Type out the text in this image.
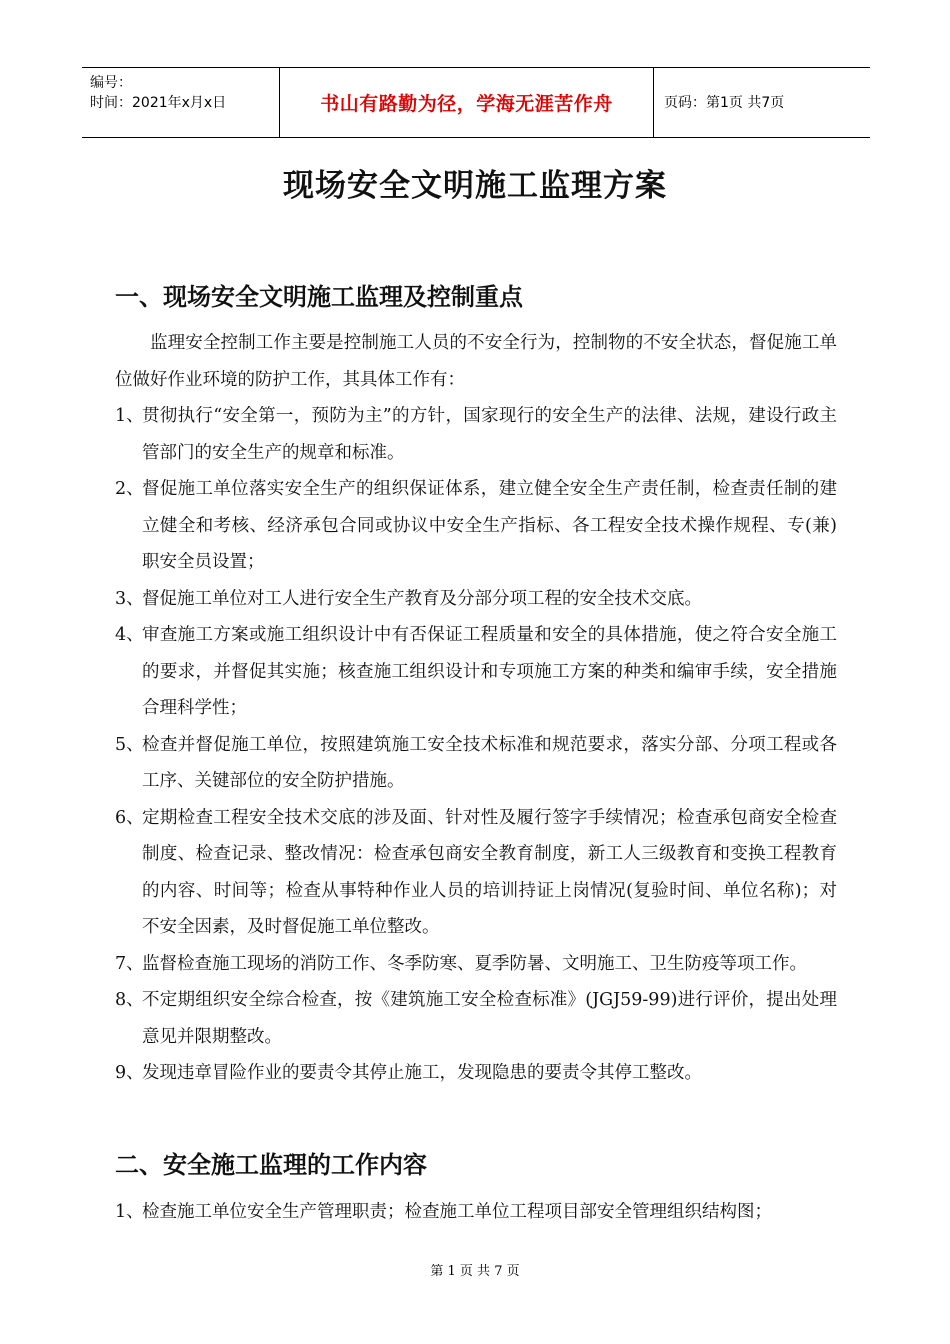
编号：
时间：2021年x月x日	书山有路勤为径，学海无涯苦作舟	页码：第1页 共7页
现场安全文明施工监理方案
一、现场安全文明施工监理及控制重点

监理安全控制工作主要是控制施工人员的不安全行为，控制物的不安全状态，督促施工单位做好作业环境的防护工作，其具体工作有：

1、
贯彻执行“安全第一，预防为主”的方针，国家现行的安全生产的法律、法规，建设行政主管部门的安全生产的规章和标准。
2、
督促施工单位落实安全生产的组织保证体系，建立健全安全生产责任制，检查责任制的建立健全和考核、经济承包合同或协议中安全生产指标、各工程安全技术操作规程、专(兼)职安全员设置；
3、
督促施工单位对工人进行安全生产教育及分部分项工程的安全技术交底。
4、
审查施工方案或施工组织设计中有否保证工程质量和安全的具体措施，使之符合安全施工的要求，并督促其实施；核查施工组织设计和专项施工方案的种类和编审手续，安全措施合理科学性；
5、
检查并督促施工单位，按照建筑施工安全技术标准和规范要求，落实分部、分项工程或各工序、关键部位的安全防护措施。
6、
定期检查工程安全技术交底的涉及面、针对性及履行签字手续情况；检查承包商安全检查制度、检查记录、整改情况：检查承包商安全教育制度，新工人三级教育和变换工程教育的内容、时间等；检查从事特种作业人员的培训持证上岗情况(复验时间、单位名称)；对不安全因素，及时督促施工单位整改。
7、
监督检查施工现场的消防工作、冬季防寒、夏季防暑、文明施工、卫生防疫等项工作。
8、
不定期组织安全综合检查，按《建筑施工安全检查标准》(JGJ59-99)进行评价，提出处理意见并限期整改。
9、
发现违章冒险作业的要责令其停止施工，发现隐患的要责令其停工整改。
二、安全施工监理的工作内容
1、
检查施工单位安全生产管理职责；检查施工单位工程项目部安全管理组织结构图；
第 1 页 共 7 页
